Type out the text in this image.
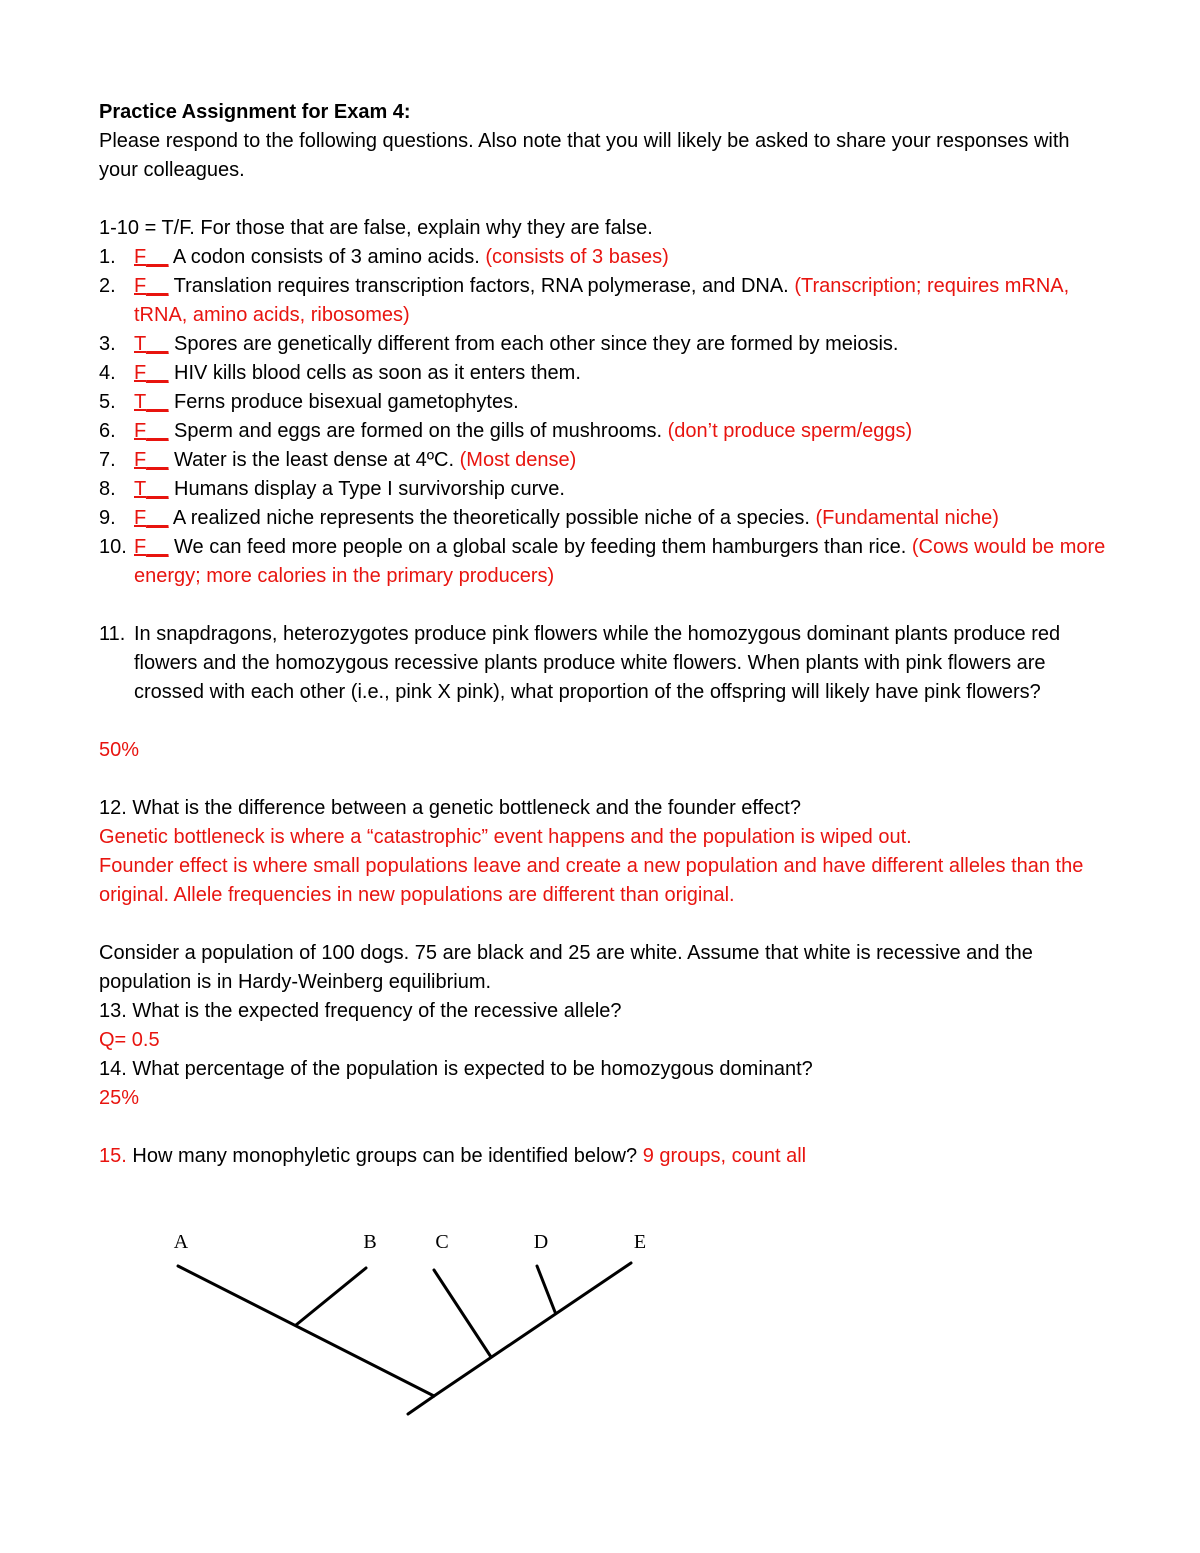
Practice Assignment for Exam 4:
Please respond to the following questions. Also note that you will likely be asked to share your responses with your colleagues.
1-10 = T/F. For those that are false, explain why they are false.
1. F__ A codon consists of 3 amino acids. (consists of 3 bases)
2. F__ Translation requires transcription factors, RNA polymerase, and DNA. (Transcription; requires mRNA, tRNA, amino acids, ribosomes)
3. T__ Spores are genetically different from each other since they are formed by meiosis.
4. F__ HIV kills blood cells as soon as it enters them.
5. T__ Ferns produce bisexual gametophytes.
6. F__ Sperm and eggs are formed on the gills of mushrooms. (don’t produce sperm/eggs)
7. F__ Water is the least dense at 4ºC. (Most dense)
8. T__ Humans display a Type I survivorship curve.
9. F__ A realized niche represents the theoretically possible niche of a species. (Fundamental niche)
10. F__ We can feed more people on a global scale by feeding them hamburgers than rice. (Cows would be more energy; more calories in the primary producers)
11. In snapdragons, heterozygotes produce pink flowers while the homozygous dominant plants produce red flowers and the homozygous recessive plants produce white flowers. When plants with pink flowers are crossed with each other (i.e., pink X pink), what proportion of the offspring will likely have pink flowers?
50%
12. What is the difference between a genetic bottleneck and the founder effect?
Genetic bottleneck is where a “catastrophic” event happens and the population is wiped out.
Founder effect is where small populations leave and create a new population and have different alleles than the original. Allele frequencies in new populations are different than original.
Consider a population of 100 dogs. 75 are black and 25 are white. Assume that white is recessive and the population is in Hardy-Weinberg equilibrium.
13. What is the expected frequency of the recessive allele?
Q= 0.5
14. What percentage of the population is expected to be homozygous dominant?
25%
15. How many monophyletic groups can be identified below? 9 groups, count all
A	B	C	D	E
